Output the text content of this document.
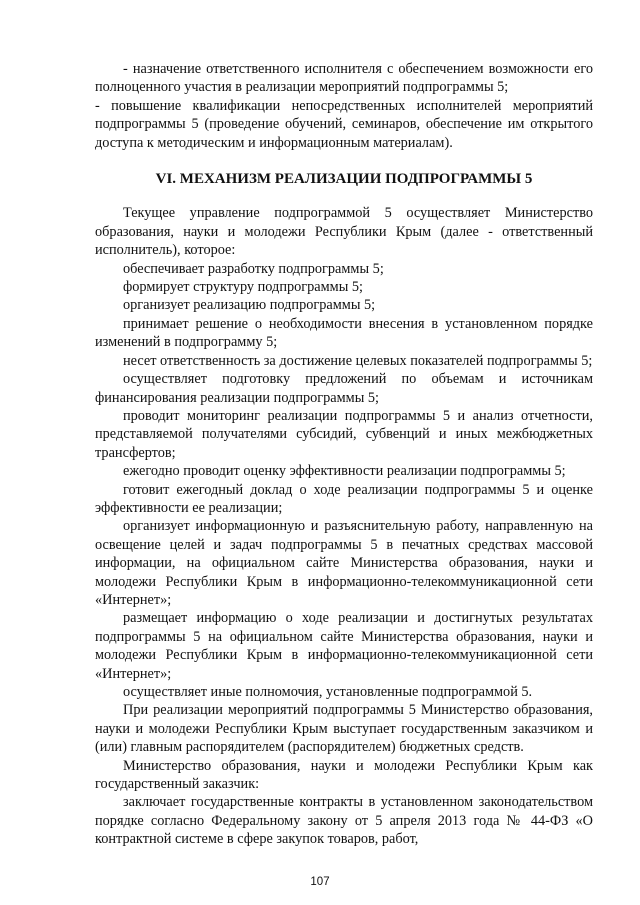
- назначение ответственного исполнителя с обеспечением возможности его полноценного участия в реализации мероприятий подпрограммы 5;

- повышение квалификации непосредственных исполнителей мероприятий подпрограммы 5 (проведение обучений, семинаров, обеспечение им открытого доступа к методическим и информационным материалам).

VI. МЕХАНИЗМ РЕАЛИЗАЦИИ ПОДПРОГРАММЫ 5

Текущее управление подпрограммой 5 осуществляет Министерство образования, науки и молодежи Республики Крым (далее - ответственный исполнитель), которое:

обеспечивает разработку подпрограммы 5;

формирует структуру подпрограммы 5;

организует реализацию подпрограммы 5;

принимает решение о необходимости внесения в установленном порядке изменений в подпрограмму 5;

несет ответственность за достижение целевых показателей подпрограммы 5;

осуществляет подготовку предложений по объемам и источникам финансирования реализации подпрограммы 5;

проводит мониторинг реализации подпрограммы 5 и анализ отчетности, представляемой получателями субсидий, субвенций и иных межбюджетных трансфертов;

ежегодно проводит оценку эффективности реализации подпрограммы 5;

готовит ежегодный доклад о ходе реализации подпрограммы 5 и оценке эффективности ее реализации;

организует информационную и разъяснительную работу, направленную на освещение целей и задач подпрограммы 5 в печатных средствах массовой информации, на официальном сайте Министерства образования, науки и молодежи Республики Крым в информационно-телекоммуникационной сети «Интернет»;

размещает информацию о ходе реализации и достигнутых результатах подпрограммы 5 на официальном сайте Министерства образования, науки и молодежи Республики Крым в информационно-телекоммуникационной сети «Интернет»;

осуществляет иные полномочия, установленные подпрограммой 5.

При реализации мероприятий подпрограммы 5 Министерство образования, науки и молодежи Республики Крым выступает государственным заказчиком и (или) главным распорядителем (распорядителем) бюджетных средств.

Министерство образования, науки и молодежи Республики Крым как государственный заказчик:

заключает государственные контракты в установленном законодательством порядке согласно Федеральному закону от 5 апреля 2013 года № 44-ФЗ «О контрактной системе в сфере закупок товаров, работ,

107
